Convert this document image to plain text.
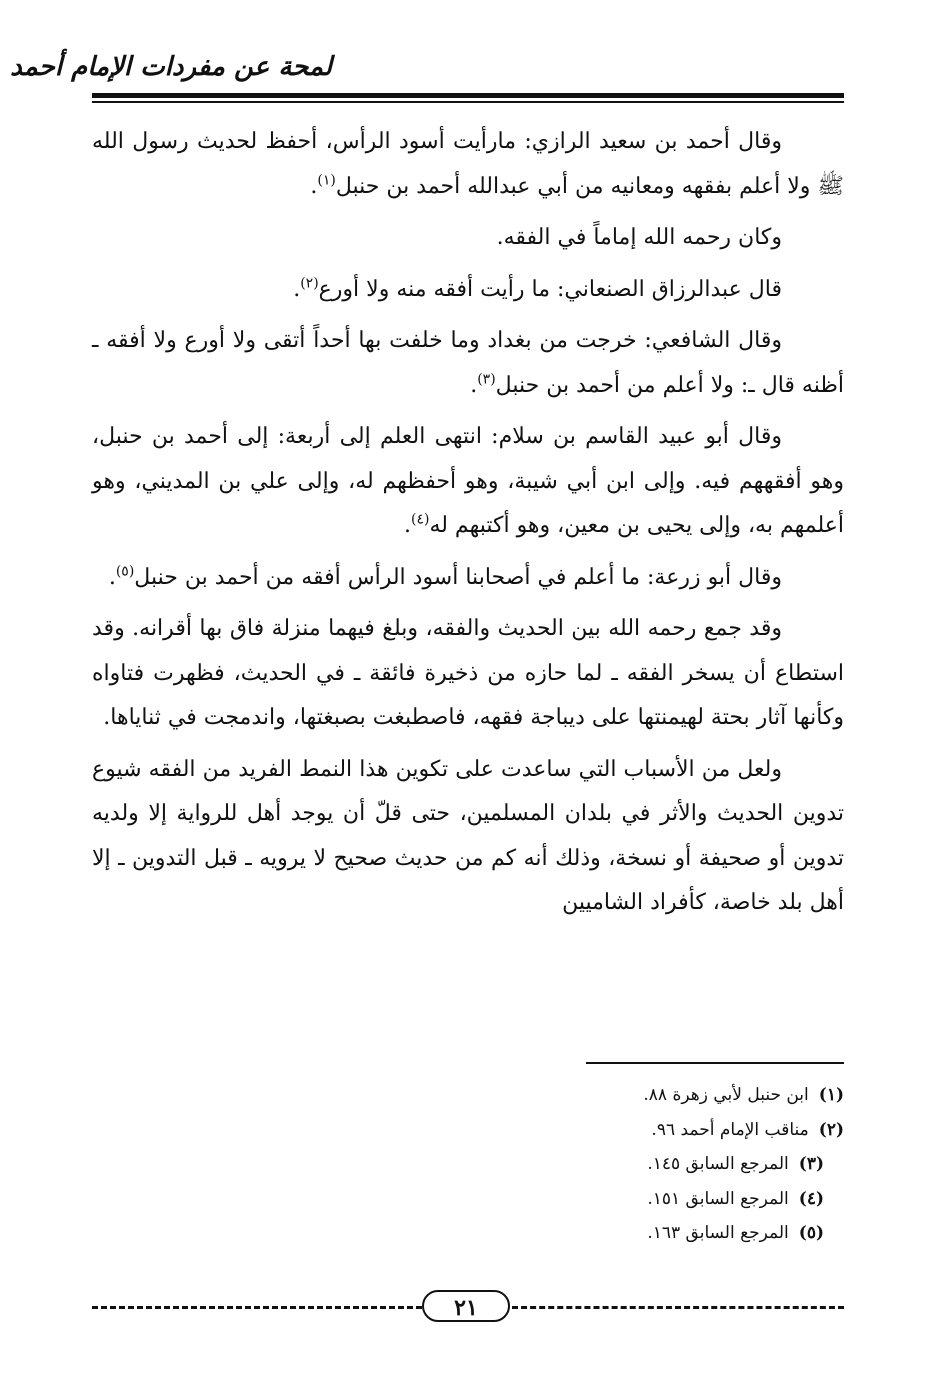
لمحة عن مفردات الإمام أحمد

وقال أحمد بن سعيد الرازي: مارأيت أسود الرأس، أحفظ لحديث رسول الله ﷺ ولا أعلم بفقهه ومعانيه من أبي عبدالله أحمد بن حنبل$^{(١)}$.

وكان رحمه الله إماماً في الفقه.

قال عبدالرزاق الصنعاني: ما رأيت أفقه منه ولا أورع$^{(٢)}$.

وقال الشافعي: خرجت من بغداد وما خلفت بها أحداً أتقى ولا أورع ولا أفقه ـ أظنه قال ـ: ولا أعلم من أحمد بن حنبل$^{(٣)}$.

وقال أبو عبيد القاسم بن سلام: انتهى العلم إلى أربعة: إلى أحمد بن حنبل، وهو أفقههم فيه. وإلى ابن أبي شيبة، وهو أحفظهم له، وإلى علي بن المديني، وهو أعلمهم به، وإلى يحيى بن معين، وهو أكتبهم له$^{(٤)}$.

وقال أبو زرعة: ما أعلم في أصحابنا أسود الرأس أفقه من أحمد بن حنبل$^{(٥)}$.

وقد جمع رحمه الله بين الحديث والفقه، وبلغ فيهما منزلة فاق بها أقرانه. وقد استطاع أن يسخر الفقه ـ لما حازه من ذخيرة فائقة ـ في الحديث، فظهرت فتاواه وكأنها آثار بحتة لهيمنتها على ديباجة فقهه، فاصطبغت بصبغتها، واندمجت في ثناياها.

ولعل من الأسباب التي ساعدت على تكوين هذا النمط الفريد من الفقه شيوع تدوين الحديث والأثر في بلدان المسلمين، حتى قلّ أن يوجد أهل للرواية إلا ولديه تدوين أو صحيفة أو نسخة، وذلك أنه كم من حديث صحيح لا يرويه ـ قبل التدوين ـ إلا أهل بلد خاصة، كأفراد الشاميين

(١)ابن حنبل لأبي زهرة ٨٨.
(٢)مناقب الإمام أحمد ٩٦.
(٣)المرجع السابق ١٤٥.
(٤)المرجع السابق ١٥١.
(٥)المرجع السابق ١٦٣.
٢١
